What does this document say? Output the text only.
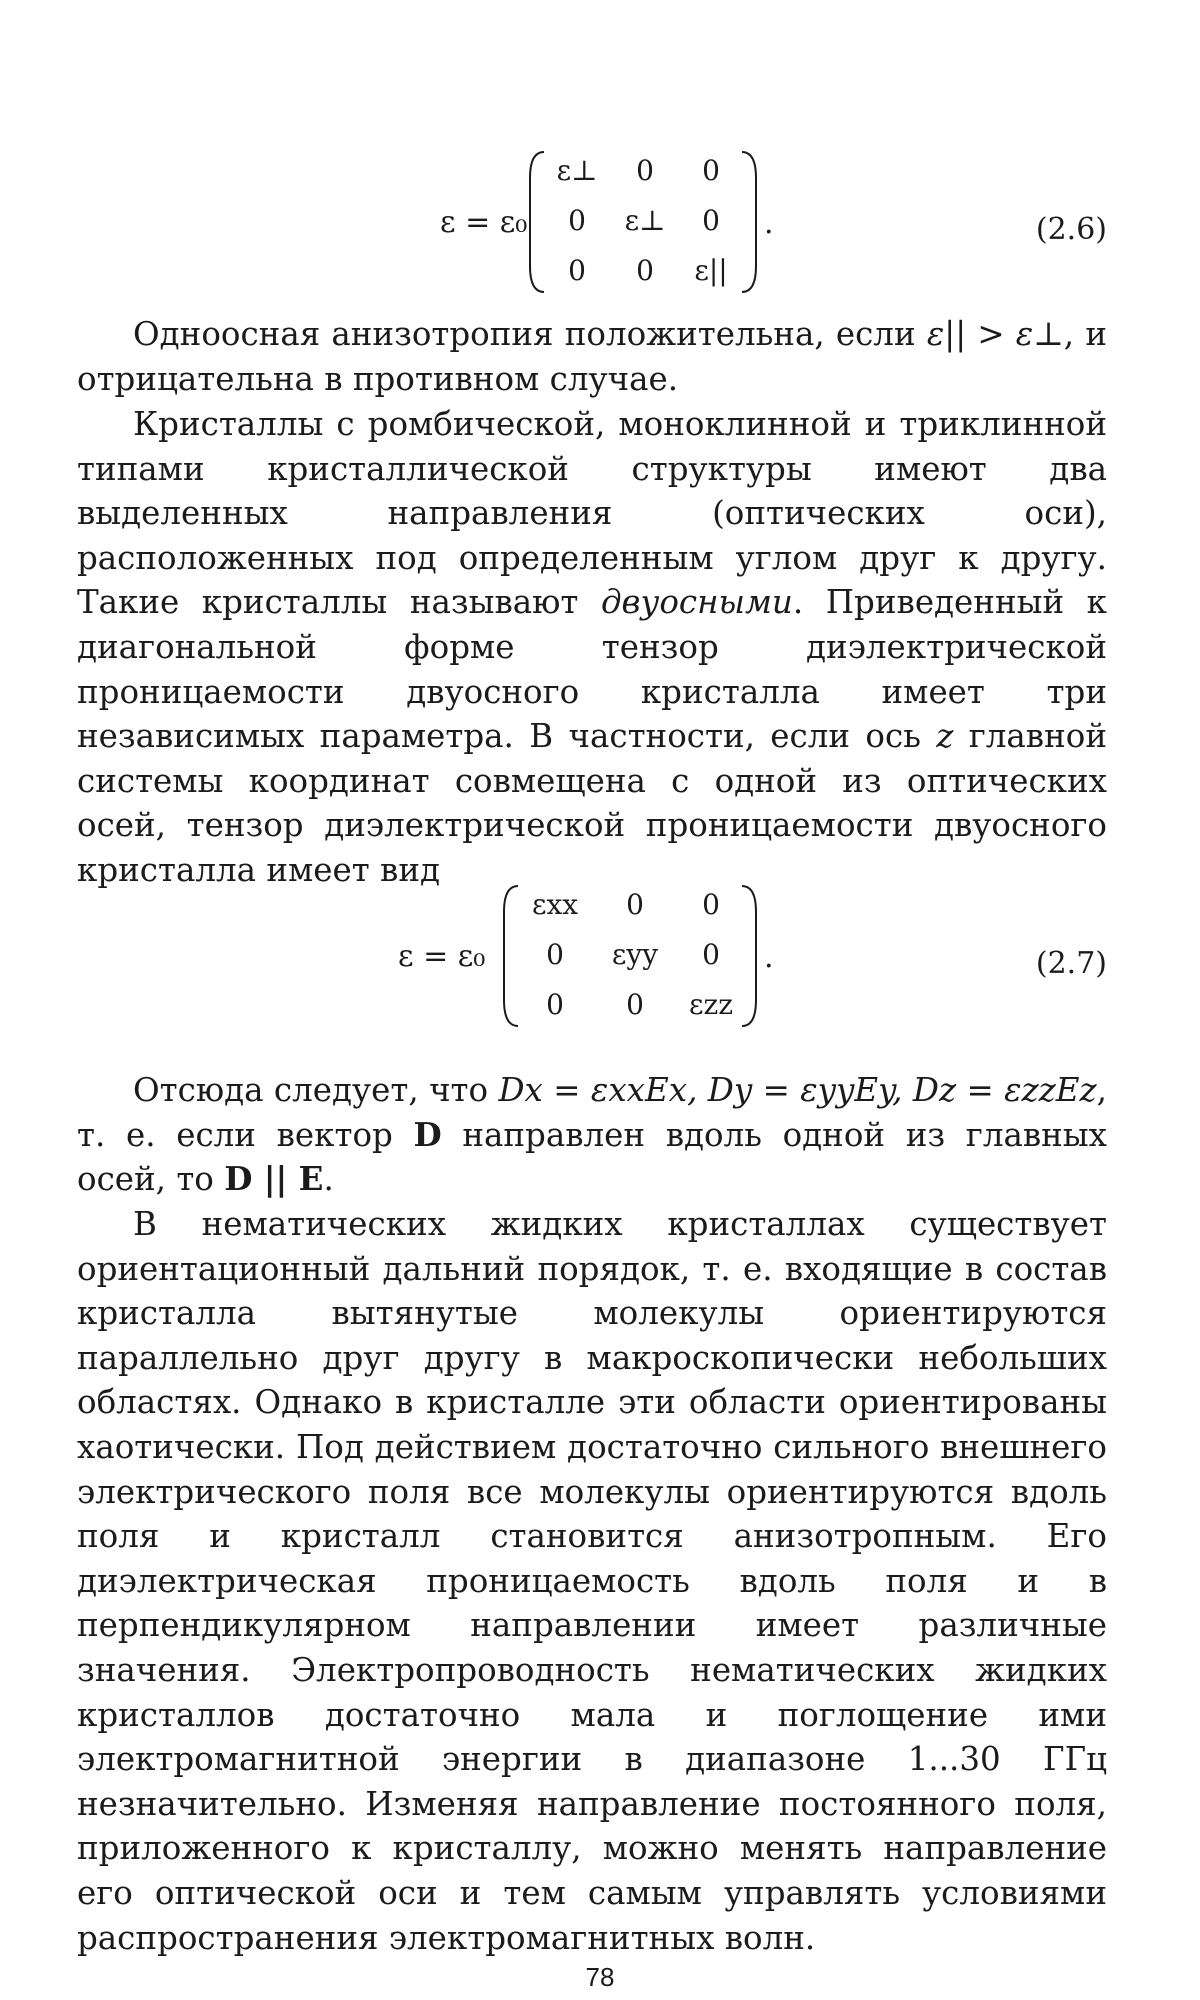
ε = ε₀
ε⊥	0	0
0	ε⊥	0
0	0	ε||
.	(2.6)

Одноосная анизотропия положительна, если ε|| > ε⊥, и отрицательна в противном случае.

Кристаллы с ромбической, моноклинной и триклинной типами кристаллической структуры имеют два выделенных направления (оптических оси), расположенных под определенным углом друг к другу. Такие кристаллы называют двуосными. Приведенный к диагональной форме тензор диэлектрической проницаемости двуосного кристалла имеет три независимых параметра. В частности, если ось z главной системы координат совмещена с одной из оптических осей, тензор диэлектрической проницаемости двуосного кристалла имеет вид

ε = ε₀
εxx	0	0
0	εyy	0
0	0	εzz
.	(2.7)

Отсюда следует, что Dx = εxxEx, Dy = εyyEy, Dz = εzzEz, т. е. если вектор D направлен вдоль одной из главных осей, то D || E.

В нематических жидких кристаллах существует ориентационный дальний порядок, т. е. входящие в состав кристалла вытянутые молекулы ориентируются параллельно друг другу в макроскопически небольших областях. Однако в кристалле эти области ориентированы хаотически. Под действием достаточно сильного внешнего электрического поля все молекулы ориентируются вдоль поля и кристалл становится анизотропным. Его диэлектрическая проницаемость вдоль поля и в перпендикулярном направлении имеет различные значения. Электропроводность нематических жидких кристаллов достаточно мала и поглощение ими электромагнитной энергии в диапазоне 1...30 ГГц незначительно. Изменяя направление постоянного поля, приложенного к кристаллу, можно менять направление его оптической оси и тем самым управлять условиями распространения электромагнитных волн.

78
